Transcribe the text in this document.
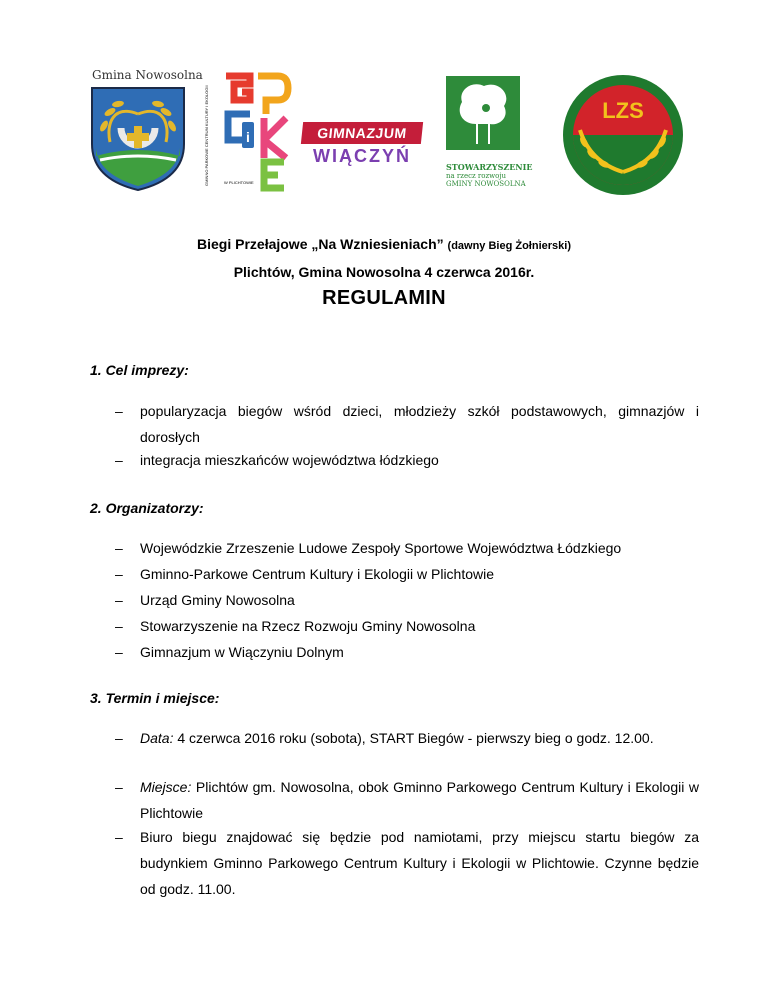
Gmina Nowosolna
i
GMINNO PARKOWE CENTRUM KULTURY I EKOLOGII	W PLICHTOWIE
GIMNAZJUM
WIĄCZYŃ
STOWARZYSZENIE
na rzecz rozwoju
GMINY NOWOSOLNA
LZS
Biegi Przełajowe „Na Wzniesieniach” (dawny Bieg Żołnierski)
Plichtów, Gmina Nowosolna 4 czerwca 2016r.
REGULAMIN
1. Cel imprezy:
– popularyzacja biegów wśród dzieci, młodzieży szkół podstawowych, gimnazjów i dorosłych
– integracja mieszkańców województwa łódzkiego
2. Organizatorzy:
– Wojewódzkie Zrzeszenie Ludowe Zespoły Sportowe Województwa Łódzkiego
– Gminno-Parkowe Centrum Kultury i Ekologii w Plichtowie
– Urząd Gminy Nowosolna
– Stowarzyszenie na Rzecz Rozwoju Gminy Nowosolna
– Gimnazjum w Wiączyniu Dolnym
3. Termin i miejsce:
– Data: 4 czerwca 2016 roku (sobota), START Biegów - pierwszy bieg o godz. 12.00.
– Miejsce: Plichtów gm. Nowosolna, obok Gminno Parkowego Centrum Kultury i Ekologii w Plichtowie
– Biuro biegu znajdować się będzie pod namiotami, przy miejscu startu biegów za budynkiem Gminno Parkowego Centrum Kultury i Ekologii w Plichtowie. Czynne będzie od godz. 11.00.
